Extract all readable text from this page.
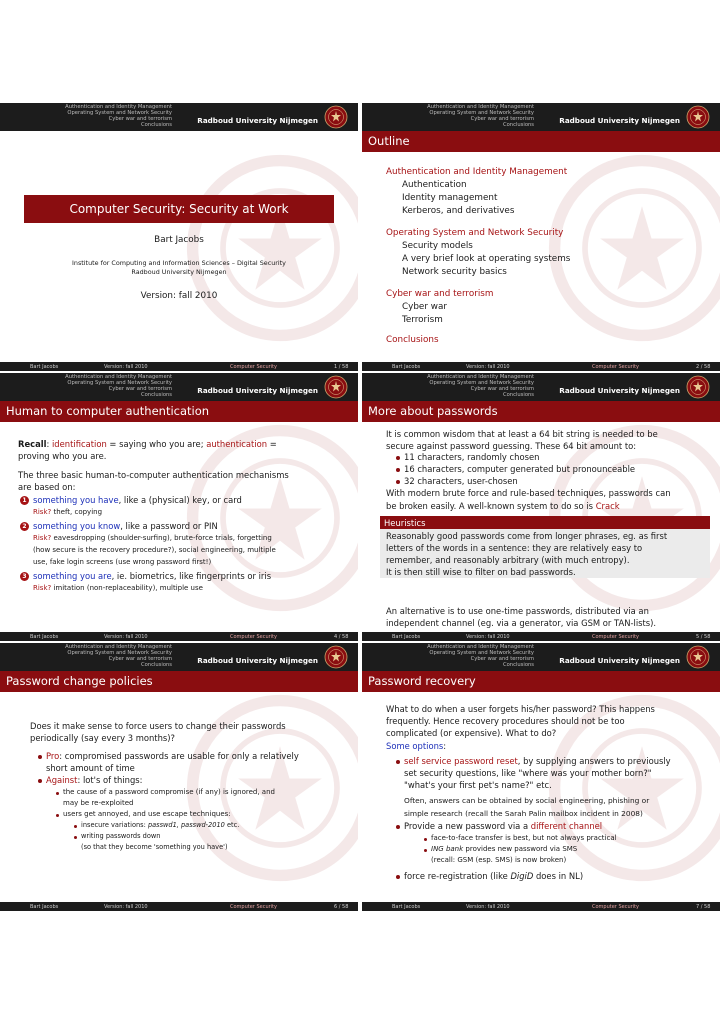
Authentication and Identity Management
Operating System and Network Security
Cyber war and terrorism
Conclusions	Radboud University Nijmegen
Computer Security: Security at Work
Bart Jacobs
Institute for Computing and Information Sciences – Digital Security
Radboud University Nijmegen
Version: fall 2010
Bart Jacobs	Version: fall 2010	Computer Security	1 / 58
Authentication and Identity Management
Operating System and Network Security
Cyber war and terrorism
Conclusions	Radboud University Nijmegen
Outline
Authentication and Identity Management
Authentication
Identity management
Kerberos, and derivatives
Operating System and Network Security
Security models
A very brief look at operating systems
Network security basics
Cyber war and terrorism
Cyber war
Terrorism
Conclusions
Bart Jacobs	Version: fall 2010	Computer Security	2 / 58
Authentication and Identity Management
Operating System and Network Security
Cyber war and terrorism
Conclusions	Radboud University Nijmegen
Human to computer authentication
Recall: identification = saying who you are; authentication =
proving who you are.
The three basic human-to-computer authentication mechanisms
are based on:
1 something you have, like a (physical) key, or card
Risk? theft, copying
2 something you know, like a password or PIN
Risk? eavesdropping (shoulder-surfing), brute-force trials, forgetting
(how secure is the recovery procedure?), social engineering, multiple
use, fake login screens (use wrong password first!)
3 something you are, ie. biometrics, like fingerprints or iris
Risk? imitation (non-replaceability), multiple use
Bart Jacobs	Version: fall 2010	Computer Security	4 / 58
Authentication and Identity Management
Operating System and Network Security
Cyber war and terrorism
Conclusions	Radboud University Nijmegen
More about passwords
It is common wisdom that at least a 64 bit string is needed to be
secure against password guessing. These 64 bit amount to:
11 characters, randomly chosen
16 characters, computer generated but pronounceable
32 characters, user-chosen
With modern brute force and rule-based techniques, passwords can
be broken easily. A well-known system to do so is Crack
Heuristics
Reasonably good passwords come from longer phrases, eg. as first
letters of the words in a sentence: they are relatively easy to
remember, and reasonably arbitrary (with much entropy).
It is then still wise to filter on bad passwords.
An alternative is to use one-time passwords, distributed via an
independent channel (eg. via a generator, via GSM or TAN-lists).
Bart Jacobs	Version: fall 2010	Computer Security	5 / 58
Authentication and Identity Management
Operating System and Network Security
Cyber war and terrorism
Conclusions	Radboud University Nijmegen
Password change policies
Does it make sense to force users to change their passwords
periodically (say every 3 months)?
Pro: compromised passwords are usable for only a relatively
short amount of time
Against: lot's of things:
the cause of a password compromise (if any) is ignored, and
may be re-exploited
users get annoyed, and use escape techniques:
insecure variations: passwd1, passwd-2010 etc.
writing passwords down
(so that they become 'something you have')
Bart Jacobs	Version: fall 2010	Computer Security	6 / 58
Authentication and Identity Management
Operating System and Network Security
Cyber war and terrorism
Conclusions	Radboud University Nijmegen
Password recovery
What to do when a user forgets his/her password? This happens
frequently. Hence recovery procedures should not be too
complicated (or expensive). What to do?
Some options:
self service password reset, by supplying answers to previously
set security questions, like "where was your mother born?"
"what's your first pet's name?" etc.
Often, answers can be obtained by social engineering, phishing or
simple research (recall the Sarah Palin mailbox incident in 2008)
Provide a new password via a different channel
face-to-face transfer is best, but not always practical
ING bank provides new password via SMS
(recall: GSM (esp. SMS) is now broken)
force re-registration (like DigiD does in NL)
Bart Jacobs	Version: fall 2010	Computer Security	7 / 58
